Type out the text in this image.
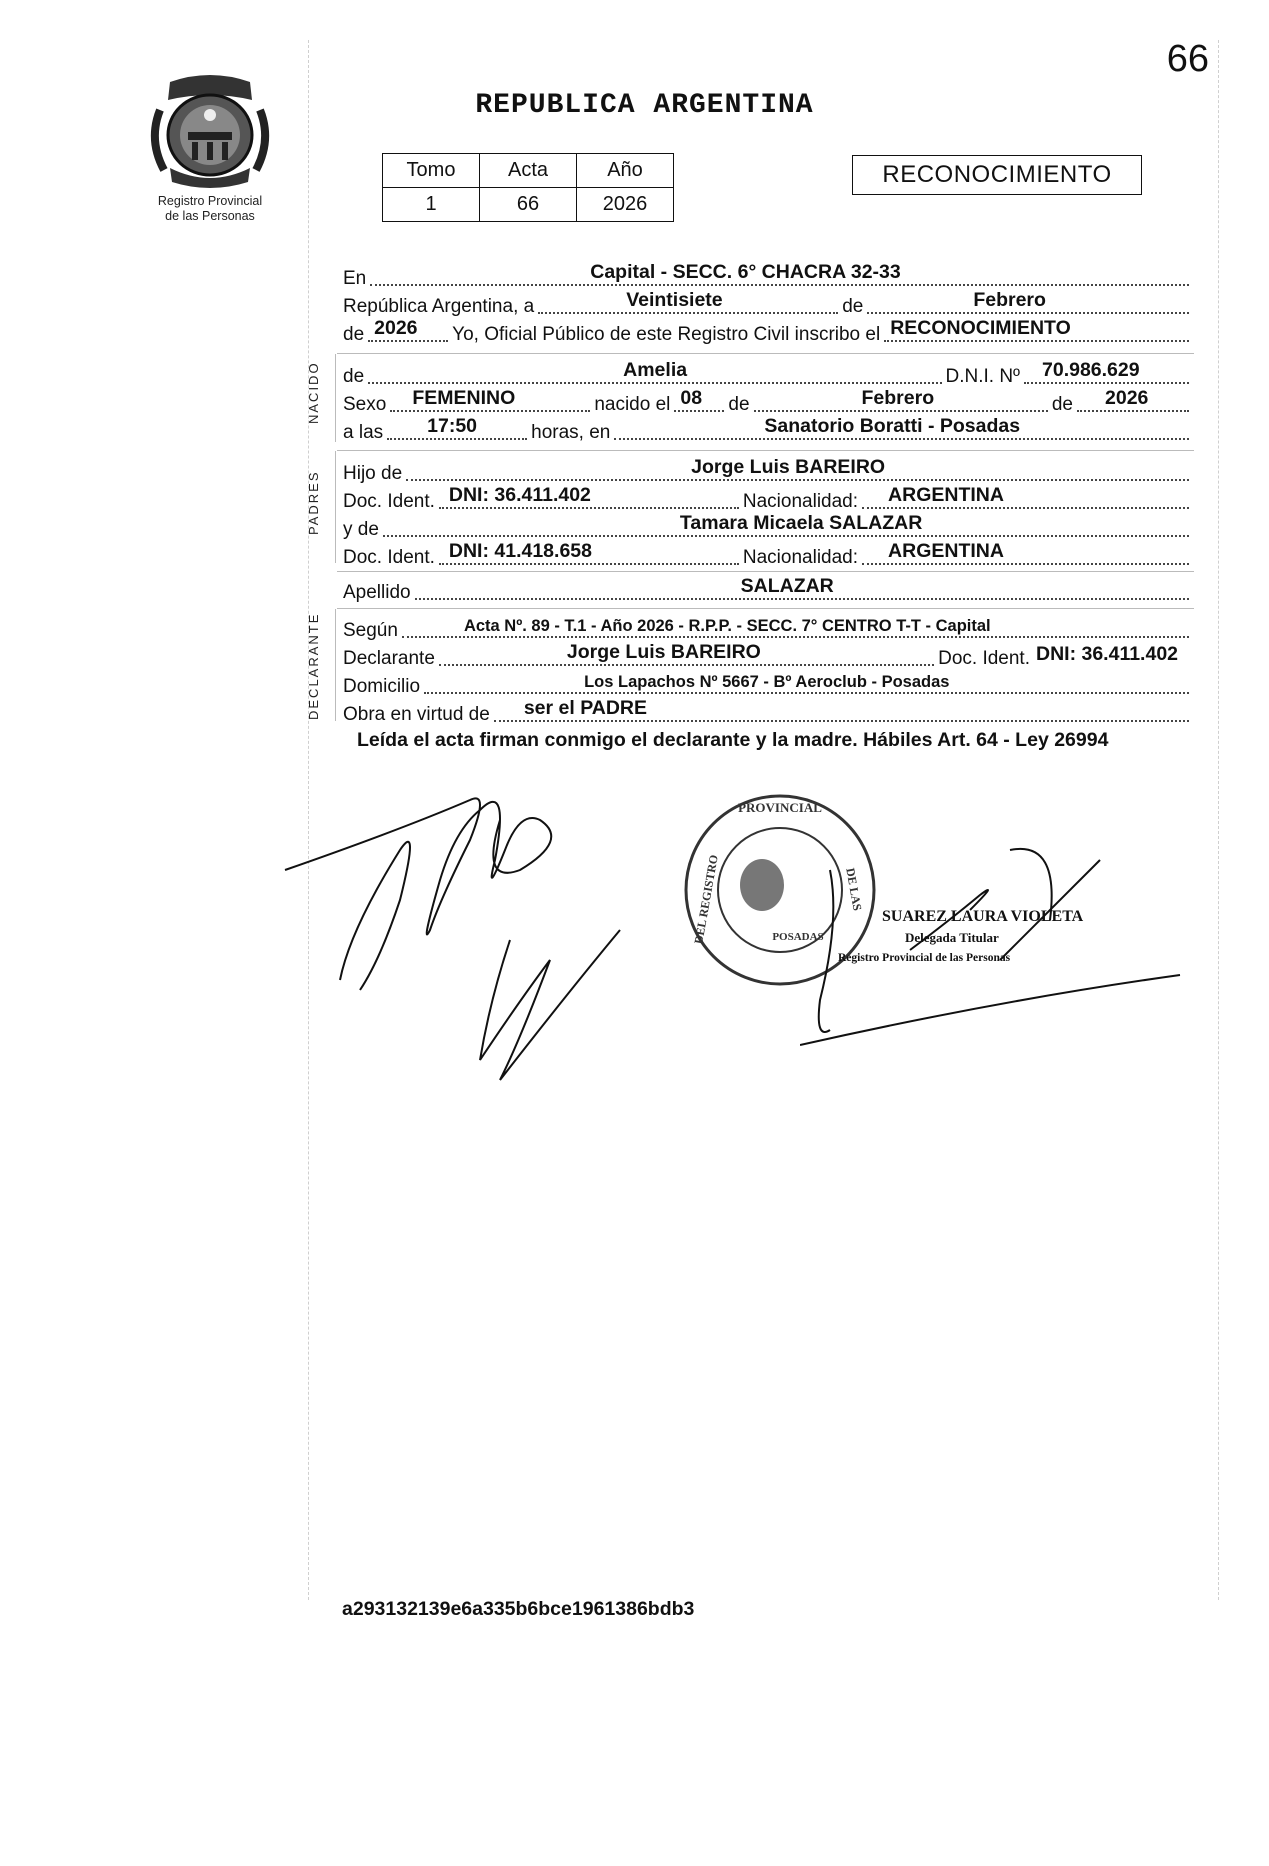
66
Registro Provincial
de las Personas
REPUBLICA ARGENTINA
Tomo	Acta	Año
1	66	2026
RECONOCIMIENTO
En	Capital - SECC. 6° CHACRA 32-33
República Argentina, a	Veintisiete	de	Febrero
de 2026 Yo, Oficial Público de este Registro Civil inscribo el RECONOCIMIENTO
NACIDO de	Amelia	D.N.I. Nº 70.986.629
Sexo FEMENINO	nacido el 08 de	Febrero	de 2026
a las 17:50	horas, en	Sanatorio Boratti - Posadas
PADRES Hijo de	Jorge Luis BAREIRO
Doc. Ident. DNI: 36.411.402	Nacionalidad: ARGENTINA
y de	Tamara Micaela SALAZAR
Doc. Ident. DNI: 41.418.658	Nacionalidad: ARGENTINA
Apellido	SALAZAR
DECLARANTE Según	Acta Nº. 89 - T.1 - Año 2026 - R.P.P. - SECC. 7° CENTRO T-T - Capital
Declarante	Jorge Luis BAREIRO	Doc. Ident. DNI: 36.411.402
Domicilio	Los Lapachos Nº 5667 - Bº Aeroclub - Posadas
Obra en virtud de ser el PADRE
Leída el acta firman conmigo el declarante y la madre. Hábiles Art. 64 - Ley 26994
PROVINCIAL
DEL REGISTRO	DE LAS
POSADAS
SUAREZ LAURA VIOLETA
Delegada Titular
Registro Provincial de las Personas
a293132139e6a335b6bce1961386bdb3
